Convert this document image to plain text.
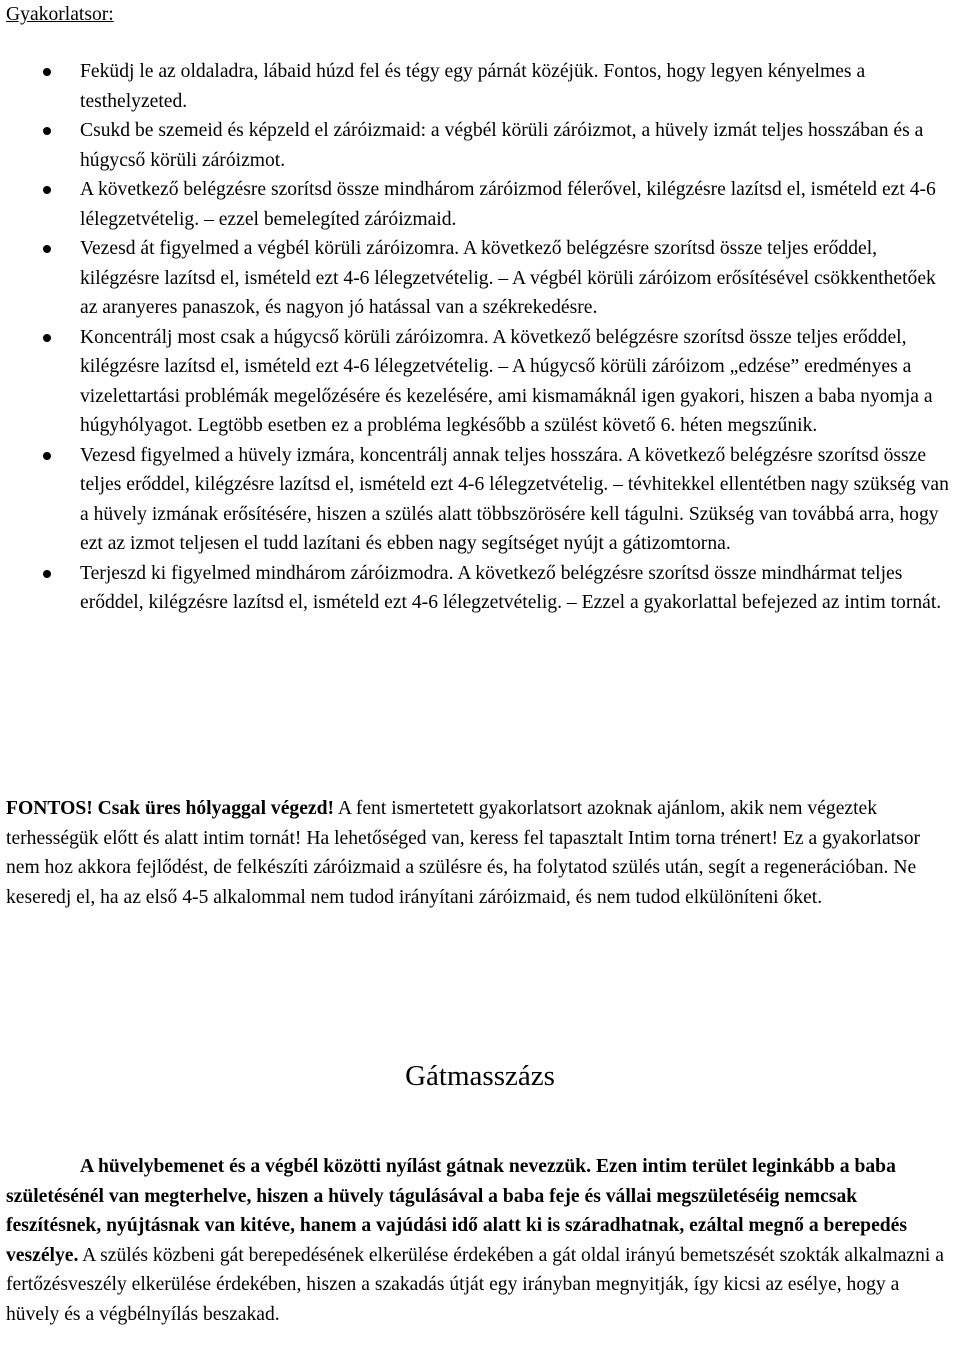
Gyakorlatsor:
Feküdj le az oldaladra, lábaid húzd fel és tégy egy párnát közéjük. Fontos, hogy legyen kényelmes a testhelyzeted.
Csukd be szemeid és képzeld el záróizmaid: a végbél körüli záróizmot, a hüvely izmát teljes hosszában és a húgycső körüli záróizmot.
A következő belégzésre szorítsd össze mindhárom záróizmod félerővel, kilégzésre lazítsd el, ismételd ezt 4-6 lélegzetvételig. – ezzel bemelegíted záróizmaid.
Vezesd át figyelmed a végbél körüli záróizomra. A következő belégzésre szorítsd össze teljes erőddel, kilégzésre lazítsd el, ismételd ezt 4-6 lélegzetvételig. – A végbél körüli záróizom erősítésével csökkenthetőek az aranyeres panaszok, és nagyon jó hatással van a székrekedésre.
Koncentrálj most csak a húgycső körüli záróizomra. A következő belégzésre szorítsd össze teljes erőddel, kilégzésre lazítsd el, ismételd ezt 4-6 lélegzetvételig. – A húgycső körüli záróizom „edzése” eredményes a vizelettartási problémák megelőzésére és kezelésére, ami kismamáknál igen gyakori, hiszen a baba nyomja a húgyhólyagot. Legtöbb esetben ez a probléma legkésőbb a szülést követő 6. héten megszűnik.
Vezesd figyelmed a hüvely izmára, koncentrálj annak teljes hosszára. A következő belégzésre szorítsd össze teljes erőddel, kilégzésre lazítsd el, ismételd ezt 4-6 lélegzetvételig. – tévhitekkel ellentétben nagy szükség van a hüvely izmának erősítésére, hiszen a szülés alatt többszörösére kell tágulni. Szükség van továbbá arra, hogy ezt az izmot teljesen el tudd lazítani és ebben nagy segítséget nyújt a gátizomtorna.
Terjeszd ki figyelmed mindhárom záróizmodra. A következő belégzésre szorítsd össze mindhármat teljes erőddel, kilégzésre lazítsd el, ismételd ezt 4-6 lélegzetvételig. – Ezzel a gyakorlattal befejezed az intim tornát.

FONTOS! Csak üres hólyaggal végezd! A fent ismertetett gyakorlatsort azoknak ajánlom, akik nem végeztek terhességük előtt és alatt intim tornát! Ha lehetőséged van, keress fel tapasztalt Intim torna trénert! Ez a gyakorlatsor nem hoz akkora fejlődést, de felkészíti záróizmaid a szülésre és, ha folytatod szülés után, segít a regenerációban. Ne keseredj el, ha az első 4-5 alkalommal nem tudod irányítani záróizmaid, és nem tudod elkülöníteni őket.

Gátmasszázs

A hüvelybemenet és a végbél közötti nyílást gátnak nevezzük. Ezen intim terület leginkább a baba születésénél van megterhelve, hiszen a hüvely tágulásával a baba feje és vállai megszületéséig nemcsak feszítésnek, nyújtásnak van kitéve, hanem a vajúdási idő alatt ki is száradhatnak, ezáltal megnő a berepedés veszélye. A szülés közbeni gát berepedésének elkerülése érdekében a gát oldal irányú bemetszését szokták alkalmazni a fertőzésveszély elkerülése érdekében, hiszen a szakadás útját egy irányban megnyitják, így kicsi az esélye, hogy a hüvely és a végbélnyílás beszakad.
